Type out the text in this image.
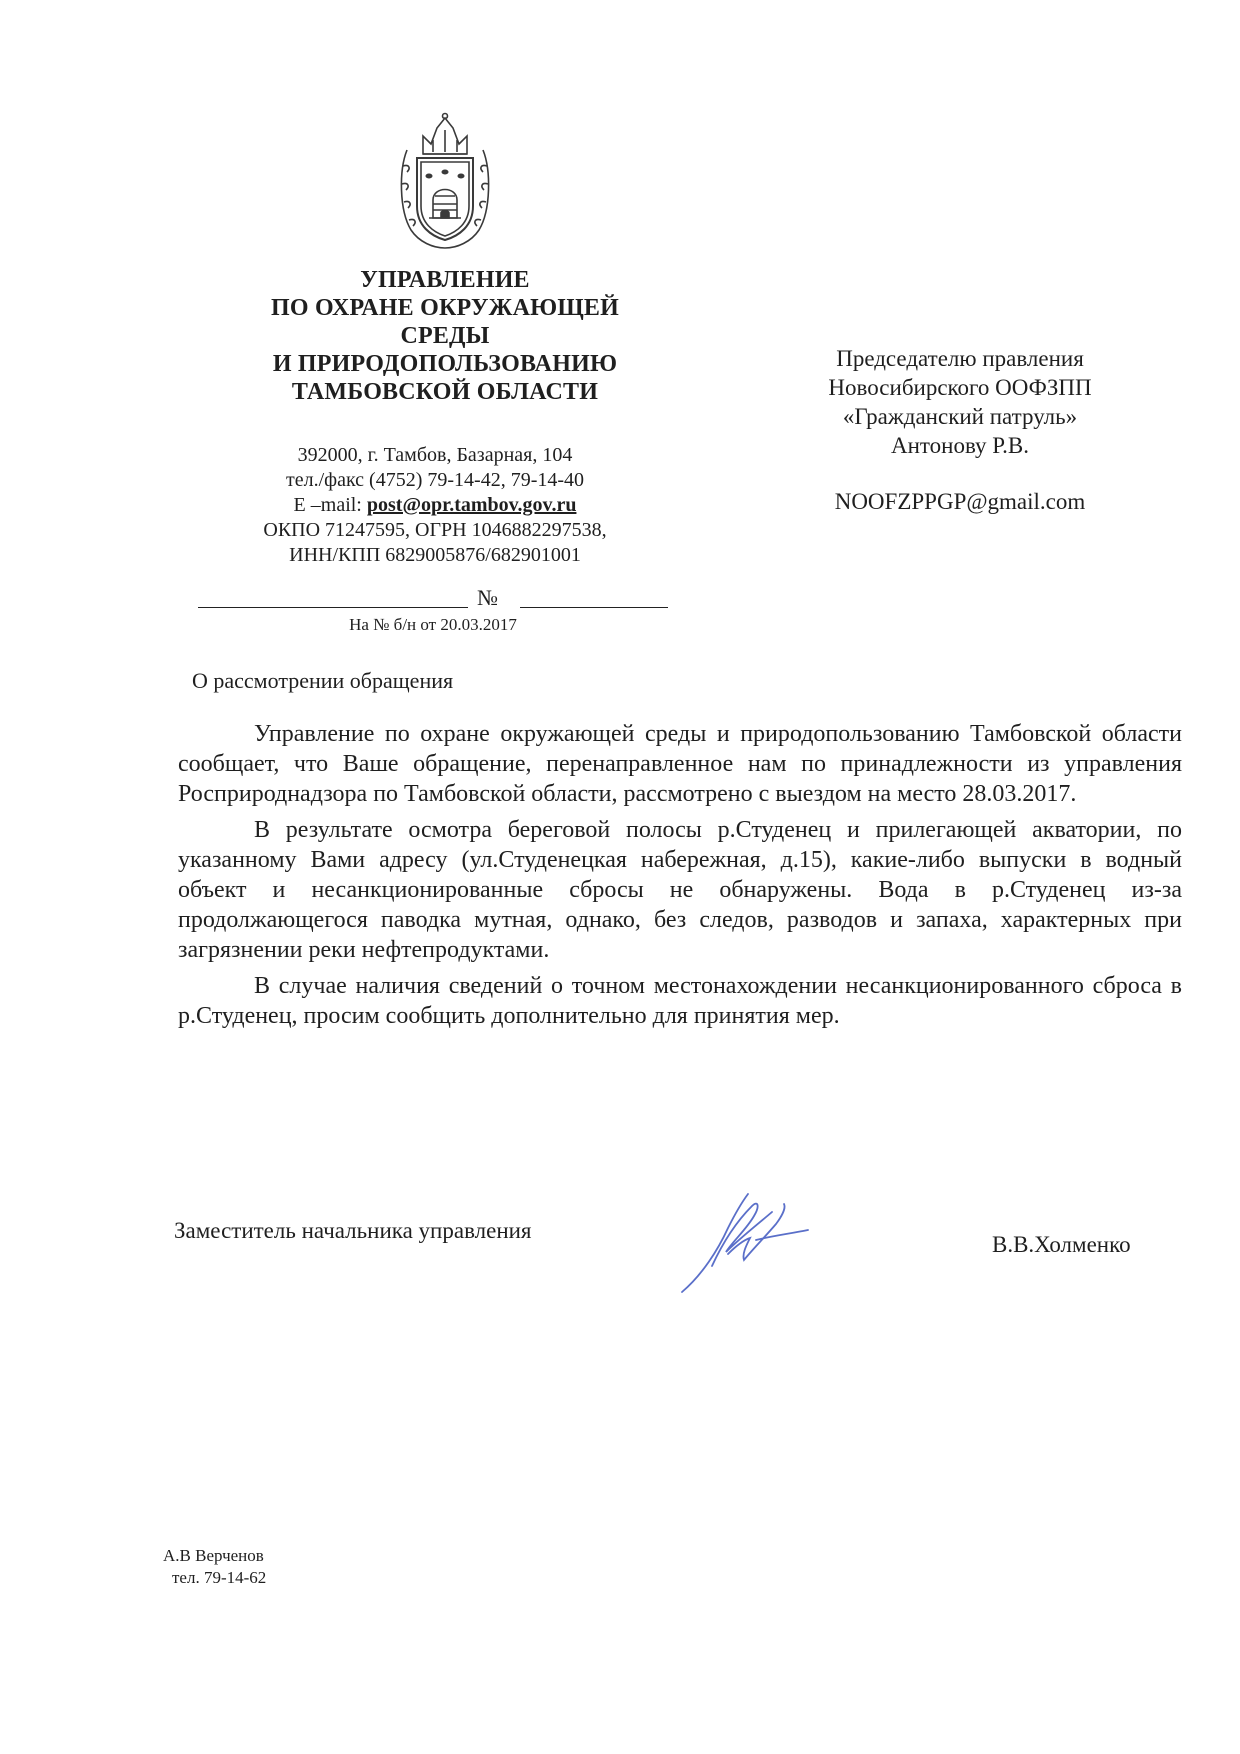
УПРАВЛЕНИЕ
ПО ОХРАНЕ ОКРУЖАЮЩЕЙ
СРЕДЫ
И ПРИРОДОПОЛЬЗОВАНИЮ
ТАМБОВСКОЙ ОБЛАСТИ
392000, г. Тамбов, Базарная, 104
тел./факс (4752) 79-14-42, 79-14-40
E –mail: post@opr.tambov.gov.ru
ОКПО 71247595, ОГРН 1046882297538,
ИНН/КПП 6829005876/682901001
№
На № б/н от 20.03.2017
Председателю правления
Новосибирского ООФЗПП
«Гражданский патруль»
Антонову Р.В.
NOOFZPPGP@gmail.com
О рассмотрении обращения

Управление по охране окружающей среды и природопользованию Тамбовской области сообщает, что Ваше обращение, перенаправленное нам по принадлежности из управления Росприроднадзора по Тамбовской области, рассмотрено с выездом на место 28.03.2017.

В результате осмотра береговой полосы р.Студенец и прилегающей акватории, по указанному Вами адресу (ул.Студенецкая набережная, д.15), какие-либо выпуски в водный объект и несанкционированные сбросы не обнаружены. Вода в р.Студенец из-за продолжающегося паводка мутная, однако, без следов, разводов и запаха, характерных при загрязнении реки нефтепродуктами.

В случае наличия сведений о точном местонахождении несанкционированного сброса в р.Студенец, просим сообщить дополнительно для принятия мер.

Заместитель начальника управления
В.В.Холменко
А.В Верченов
тел. 79-14-62
